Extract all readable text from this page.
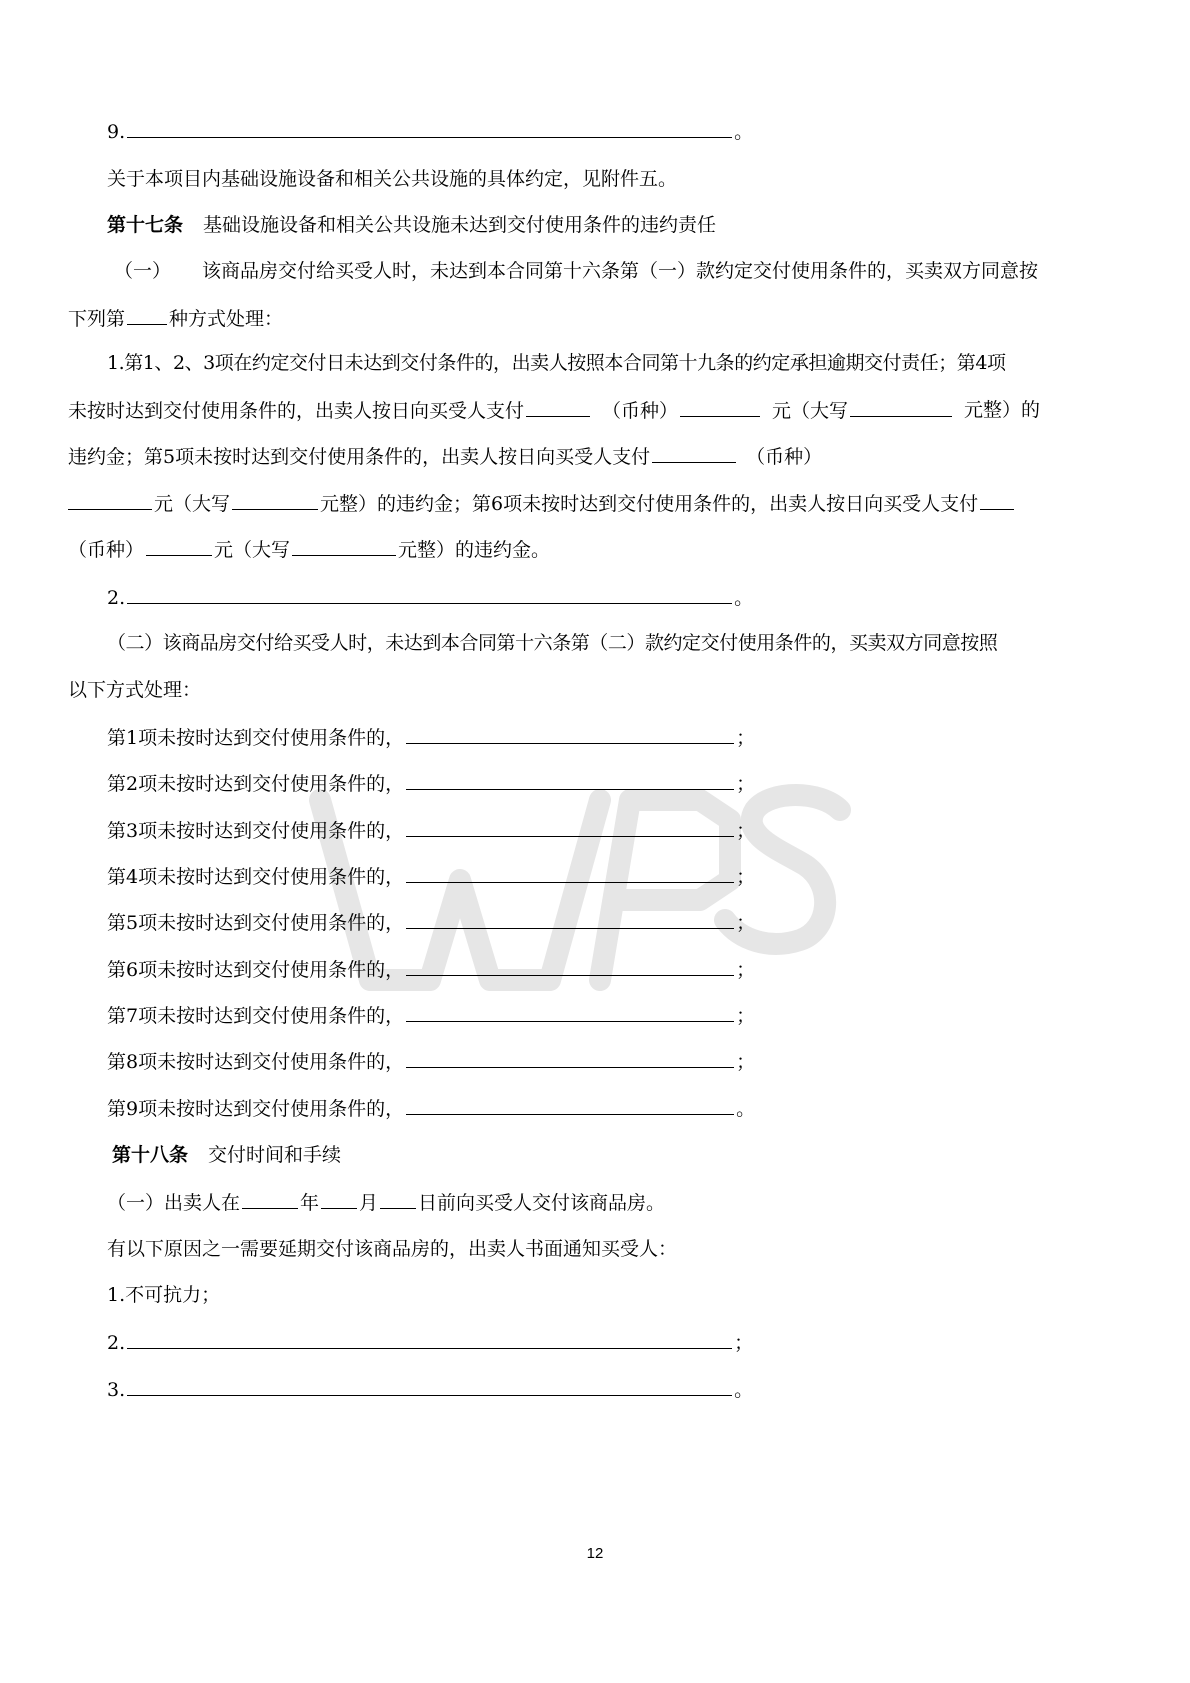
9.	。
关于本项目内基础设施设备和相关公共设施的具体约定，见附件五。
第十七条 基础设施设备和相关公共设施未达到交付使用条件的违约责任
（一） 该商品房交付给买受人时，未达到本合同第十六条第（一）款约定交付使用条件的，买卖双方同意按
下列第 种方式处理：
1.第1、2、3项在约定交付日未达到交付条件的，出卖人按照本合同第十九条的约定承担逾期交付责任；第4项
未按时达到交付使用条件的，出卖人按日向买受人支付	（币种）	元（大写	元整）的
违约金；第5项未按时达到交付使用条件的，出卖人按日向买受人支付	（币种）
元（大写	元整）的违约金；第6项未按时达到交付使用条件的，出卖人按日向买受人支付
（币种）	元（大写	元整）的违约金。
2.	。
（二）该商品房交付给买受人时，未达到本合同第十六条第（二）款约定交付使用条件的，买卖双方同意按照
以下方式处理：
第1项未按时达到交付使用条件的，	；
第2项未按时达到交付使用条件的，	；
第3项未按时达到交付使用条件的，	；
第4项未按时达到交付使用条件的，	；
第5项未按时达到交付使用条件的，	；
第6项未按时达到交付使用条件的，	；
第7项未按时达到交付使用条件的，	；
第8项未按时达到交付使用条件的，	；
第9项未按时达到交付使用条件的，	。
第十八条 交付时间和手续
（一）出卖人在	年 月 日前向买受人交付该商品房。
有以下原因之一需要延期交付该商品房的，出卖人书面通知买受人：
1.不可抗力；
2.	；
3.	。
12
